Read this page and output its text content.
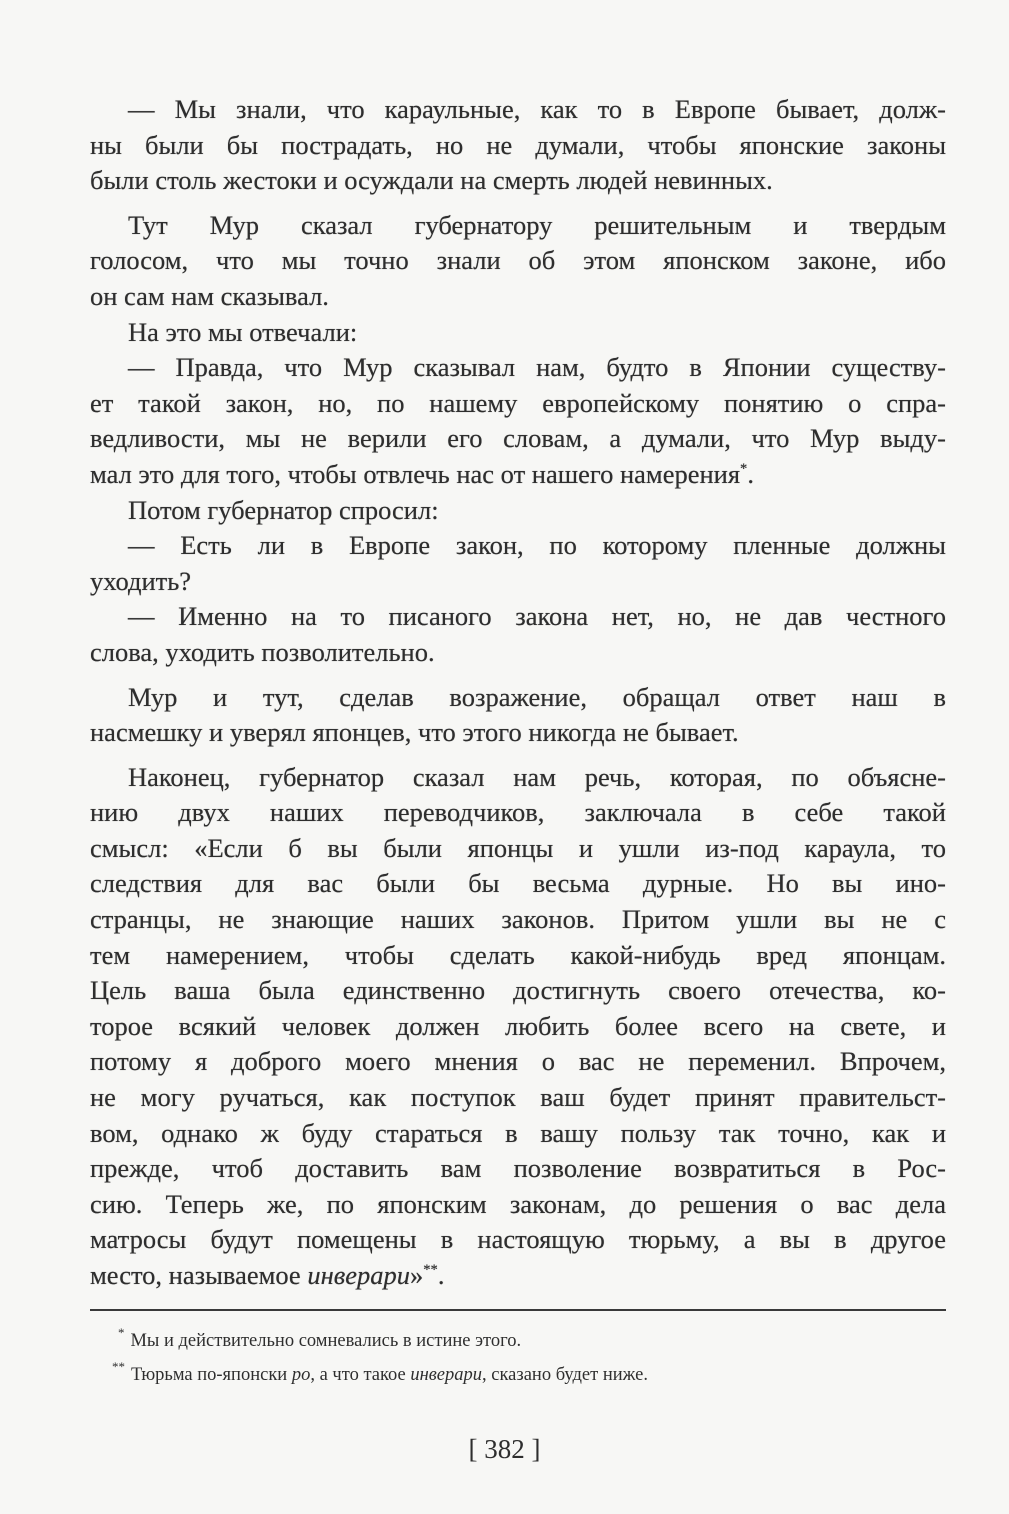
— Мы знали, что караульные, как то в Европе бывает, долж-
ны были бы пострадать, но не думали, чтобы японские законы
были столь жестоки и осуждали на смерть людей невинных.
Тут Мур сказал губернатору решительным и твердым
голосом, что мы точно знали об этом японском законе, ибо
он сам нам сказывал.
На это мы отвечали:
— Правда, что Мур сказывал нам, будто в Японии существу-
ет такой закон, но, по нашему европейскому понятию о спра-
ведливости, мы не верили его словам, а думали, что Мур выду-
мал это для того, чтобы отвлечь нас от нашего намерения*.
Потом губернатор спросил:
— Есть ли в Европе закон, по которому пленные должны
уходить?
— Именно на то писаного закона нет, но, не дав честного
слова, уходить позволительно.
Мур и тут, сделав возражение, обращал ответ наш в
насмешку и уверял японцев, что этого никогда не бывает.
Наконец, губернатор сказал нам речь, которая, по объясне-
нию двух наших переводчиков, заключала в себе такой
смысл: «Если б вы были японцы и ушли из-под караула, то
следствия для вас были бы весьма дурные. Но вы ино-
странцы, не знающие наших законов. Притом ушли вы не с
тем намерением, чтобы сделать какой-нибудь вред японцам.
Цель ваша была единственно достигнуть своего отечества, ко-
торое всякий человек должен любить более всего на свете, и
потому я доброго моего мнения о вас не переменил. Впрочем,
не могу ручаться, как поступок ваш будет принят правительст-
вом, однако ж буду стараться в вашу пользу так точно, как и
прежде, чтоб доставить вам позволение возвратиться в Рос-
сию. Теперь же, по японским законам, до решения о вас дела
матросы будут помещены в настоящую тюрьму, а вы в другое
место, называемое инверари»**.
* Мы и действительно сомневались в истине этого.
** Тюрьма по-японски ро, а что такое инверари, сказано будет ниже.
[ 382 ]
